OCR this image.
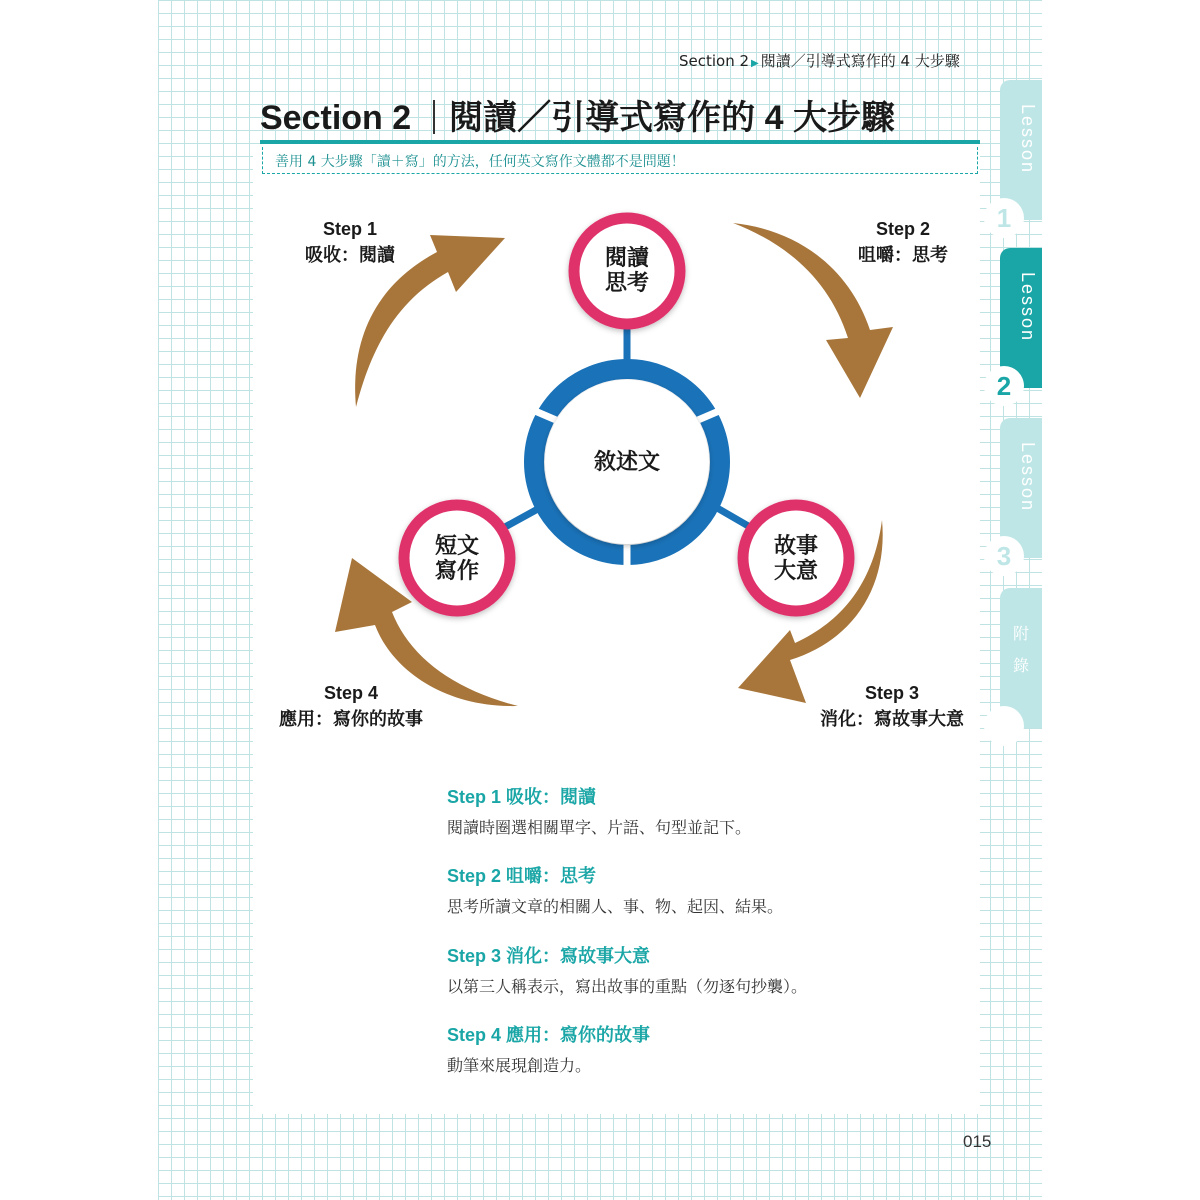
Section 2 ▶ 閱讀／引導式寫作的 4 大步驟
Section 2 閱讀／引導式寫作的 4 大步驟
善用 4 大步驟「讀＋寫」的方法，任何英文寫作文體都不是問題！
敘述文
閱讀
思考
短文
寫作
故事
大意
Step 1
吸收：閱讀
Step 2
咀嚼：思考
Step 3
消化：寫故事大意
Step 4
應用：寫你的故事
Step 1 吸收：閱讀
閱讀時圈選相關單字、片語、句型並記下。
Step 2 咀嚼：思考
思考所讀文章的相關人、事、物、起因、結果。
Step 3 消化：寫故事大意
以第三人稱表示，寫出故事的重點（勿逐句抄襲）。
Step 4 應用：寫你的故事
動筆來展現創造力。
Lesson
1
Lesson
2
Lesson
3
附
錄
015
